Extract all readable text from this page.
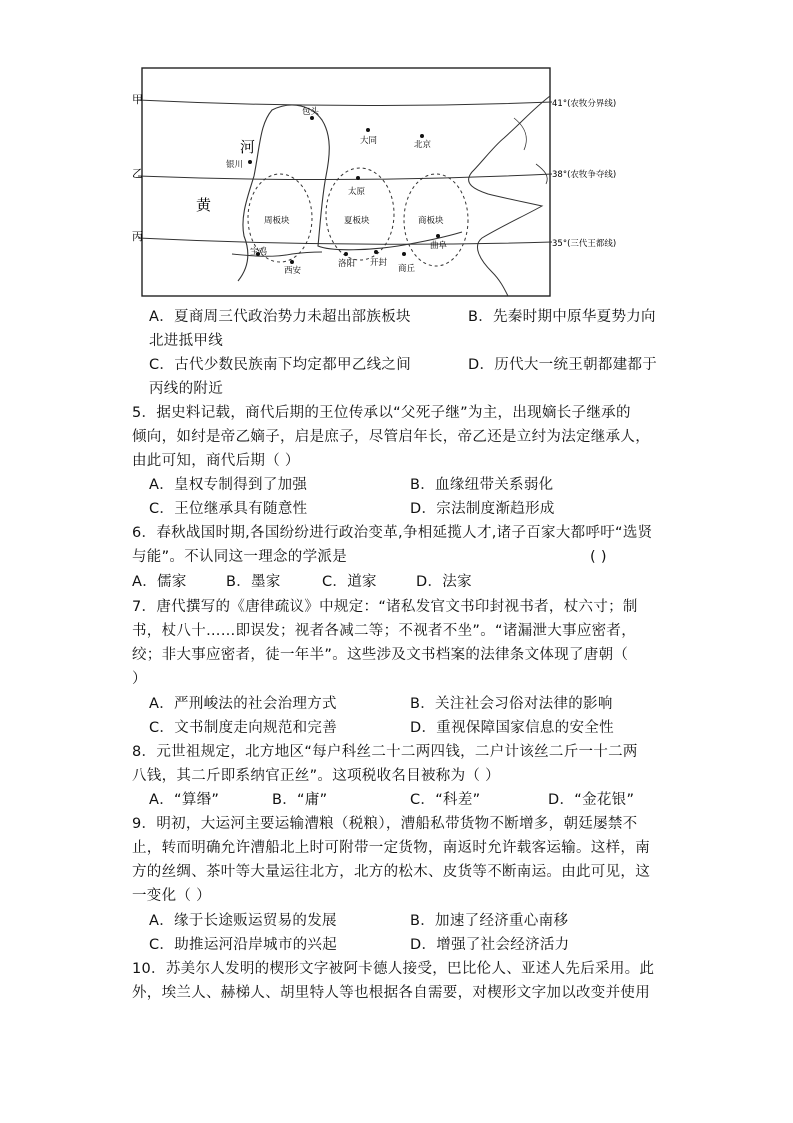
甲
乙
丙
41°(农牧分界线)
38°(农牧争夺线)
35°(三代王都线)
河
黄
包头
大同	北京
银川
太原
宝鸡
西安
洛阳 开封
商丘
曲阜
周板块	夏板块	商板块
A．夏商周三代政治势力未超出部族板块	B．先秦时期中原华夏势力向
北进抵甲线
C．古代少数民族南下均定都甲乙线之间	D．历代大一统王朝都建都于
丙线的附近
5．据史料记载，商代后期的王位传承以“父死子继”为主，出现嫡长子继承的
倾向，如纣是帝乙嫡子，启是庶子，尽管启年长，帝乙还是立纣为法定继承人，
由此可知，商代后期（ ）
A．皇权专制得到了加强	B．血缘纽带关系弱化
C．王位继承具有随意性	D．宗法制度渐趋形成
6．春秋战国时期,各国纷纷进行政治变革,争相延揽人才,诸子百家大都呼吁“选贤
与能”。不认同这一理念的学派是	( )
A．儒家	B．墨家	C．道家	D．法家
7．唐代撰写的《唐律疏议》中规定：“诸私发官文书印封视书者，杖六寸；制
书，杖八十……即误发；视者各减二等；不视者不坐”。“诸漏泄大事应密者，
绞；非大事应密者，徒一年半”。这些涉及文书档案的法律条文体现了唐朝（
）
A．严刑峻法的社会治理方式	B．关注社会习俗对法律的影响
C．文书制度走向规范和完善	D．重视保障国家信息的安全性
8．元世祖规定，北方地区“每户科丝二十二两四钱，二户计该丝二斤一十二两
八钱，其二斤即系纳官正丝”。这项税收名目被称为（ ）
A．“算缗”	B．“庸”	C．“科差”	D．“金花银”
9．明初，大运河主要运输漕粮（税粮），漕船私带货物不断增多，朝廷屡禁不
止，转而明确允许漕船北上时可附带一定货物，南返时允许载客运输。这样，南
方的丝绸、茶叶等大量运往北方，北方的松木、皮货等不断南运。由此可见，这
一变化（ ）
A．缘于长途贩运贸易的发展	B．加速了经济重心南移
C．助推运河沿岸城市的兴起	D．增强了社会经济活力
10．苏美尔人发明的楔形文字被阿卡德人接受，巴比伦人、亚述人先后采用。此
外，埃兰人、赫梯人、胡里特人等也根据各自需要，对楔形文字加以改变并使用
